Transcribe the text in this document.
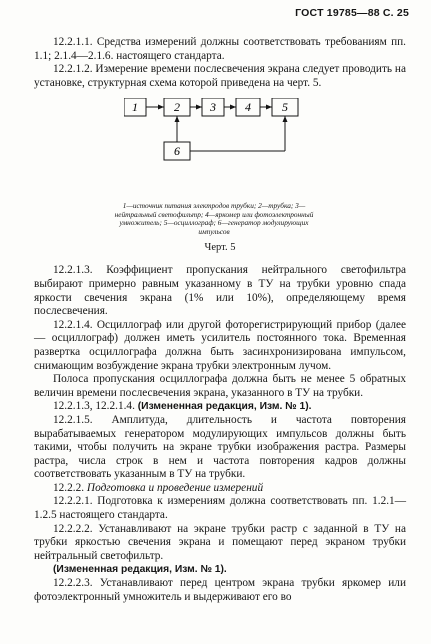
ГОСТ 19785—88 С. 25

12.2.1.1. Средства измерений должны соответствовать требованиям пп. 1.1; 2.1.4—2.1.6. настоящего стандарта.

12.2.1.2. Измерение времени послесвечения экрана следует проводить на установке, структурная схема которой приведена на черт. 5.

1	2	3 4	5
6
1—источник питания электродов трубки; 2—трубка; 3—нейтральный светофильтр; 4—яркомер или фотоэлектронный умножитель; 5—осциллограф; 6—генератор модулирующих импульсов
Черт. 5

12.2.1.3. Коэффициент пропускания нейтрального светофильтра выбирают примерно равным указанному в ТУ на трубки уровню спада яркости свечения экрана (1% или 10%), определяющему время послесвечения.

12.2.1.4. Осциллограф или другой фоторегистрирующий прибор (далее — осциллограф) должен иметь усилитель постоянного тока. Временная развертка осциллографа должна быть засинхронизирована импульсом, снимающим возбуждение экрана трубки электронным лучом.

Полоса пропускания осциллографа должна быть не менее 5 обратных величин времени послесвечения экрана, указанного в ТУ на трубки.

12.2.1.3, 12.2.1.4. (Измененная редакция, Изм. № 1).

12.2.1.5. Амплитуда, длительность и частота повторения вырабатываемых генератором модулирующих импульсов должны быть такими, чтобы получить на экране трубки изображения растра. Размеры растра, числа строк в нем и частота повторения кадров должны соответствовать указанным в ТУ на трубки.

12.2.2. Подготовка и проведение измерений

12.2.2.1. Подготовка к измерениям должна соответствовать пп. 1.2.1—1.2.5 настоящего стандарта.

12.2.2.2. Устанавливают на экране трубки растр с заданной в ТУ на трубки яркостью свечения экрана и помещают перед экраном трубки нейтральный светофильтр.

(Измененная редакция, Изм. № 1).

12.2.2.3. Устанавливают перед центром экрана трубки яркомер или фотоэлектронный умножитель и выдерживают его во
